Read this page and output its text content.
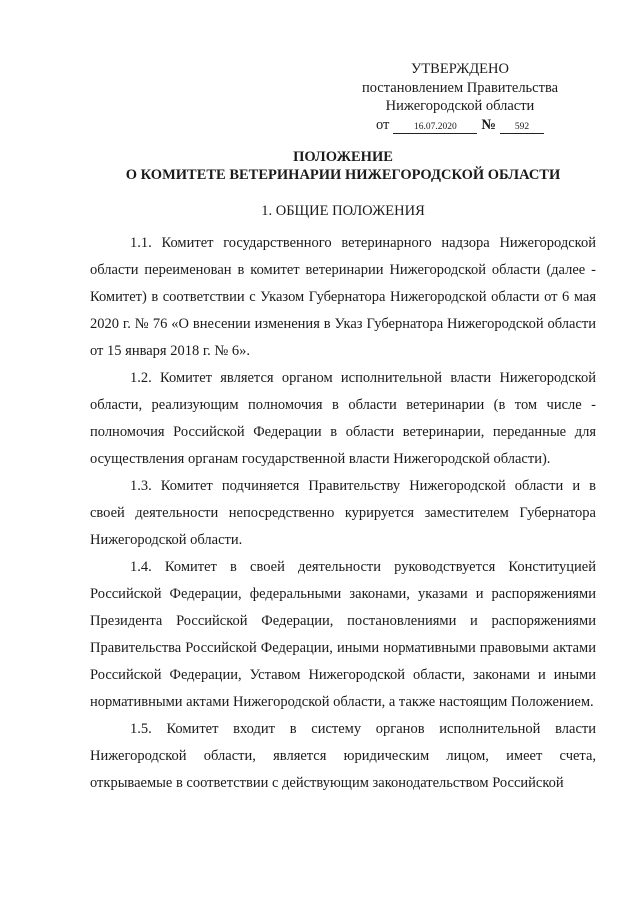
УТВЕРЖДЕНО
постановлением Правительства
Нижегородской области
от	16.07.2020	№	592
ПОЛОЖЕНИЕ
О КОМИТЕТЕ ВЕТЕРИНАРИИ НИЖЕГОРОДСКОЙ ОБЛАСТИ
1. ОБЩИЕ ПОЛОЖЕНИЯ

1.1. Комитет государственного ветеринарного надзора Нижегородской области переименован в комитет ветеринарии Нижегородской области (далее - Комитет) в соответствии с Указом Губернатора Нижегородской области от 6 мая 2020 г. № 76 «О внесении изменения в Указ Губернатора Нижегородской области от 15 января 2018 г. № 6».

1.2. Комитет является органом исполнительной власти Нижегородской области, реализующим полномочия в области ветеринарии (в том числе - полномочия Российской Федерации в области ветеринарии, переданные для осуществления органам государственной власти Нижегородской области).

1.3. Комитет подчиняется Правительству Нижегородской области и в своей деятельности непосредственно курируется заместителем Губернатора Нижегородской области.

1.4. Комитет в своей деятельности руководствуется Конституцией Российской Федерации, федеральными законами, указами и распоряжениями Президента Российской Федерации, постановлениями и распоряжениями Правительства Российской Федерации, иными нормативными правовыми актами Российской Федерации, Уставом Нижегородской области, законами и иными нормативными актами Нижегородской области, а также настоящим Положением.

1.5. Комитет входит в систему органов исполнительной власти Нижегородской области, является юридическим лицом, имеет счета, открываемые в соответствии с действующим законодательством Российской
